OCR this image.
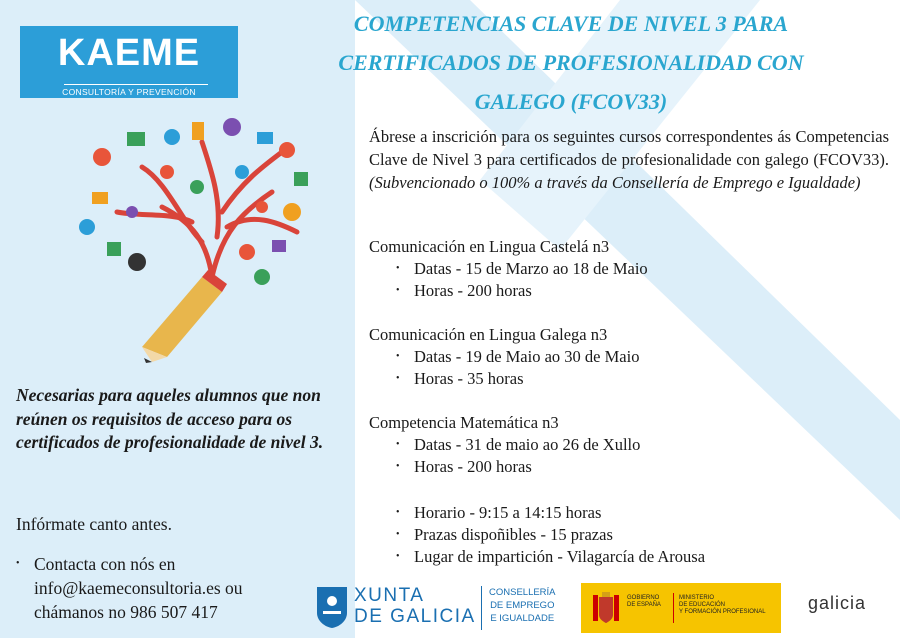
KAEME
CONSULTORÍA Y PREVENCIÓN
COMPETENCIAS CLAVE DE NIVEL 3 PARA
CERTIFICADOS DE PROFESIONALIDAD CON
GALEGO (FCOV33)
Ábrese a inscrición para os seguintes cursos correspondentes ás Competencias Clave de Nivel 3 para certificados de profesionalidade con galego (FCOV33). (Subvencionado o 100% a través da Consellería de Emprego e Igualdade)
Comunicación en Lingua Castelá n3
• Datas - 15 de Marzo ao 18 de Maio
• Horas - 200 horas
Comunicación en Lingua Galega n3
• Datas - 19 de Maio ao 30 de Maio
• Horas - 35 horas
Competencia Matemática n3
• Datas - 31 de maio ao 26 de Xullo
• Horas - 200 horas
• Horario - 9:15 a 14:15 horas
• Prazas dispoñibles - 15 prazas
• Lugar de impartición - Vilagarcía de Arousa
Necesarias para aqueles alumnos que non reúnen os requisitos de acceso para os certificados de profesionalidade de nivel 3.
Infórmate canto antes.
• Contacta con nós en
info@kaemeconsultoria.es ou
chámanos no 986 507 417
XUNTA
DE GALICIA
CONSELLERÍA
DE EMPREGO
E IGUALDADE
GOBIERNO
DE ESPAÑA
MINISTERIO
DE EDUCACIÓN
Y FORMACIÓN PROFESIONAL galicia
